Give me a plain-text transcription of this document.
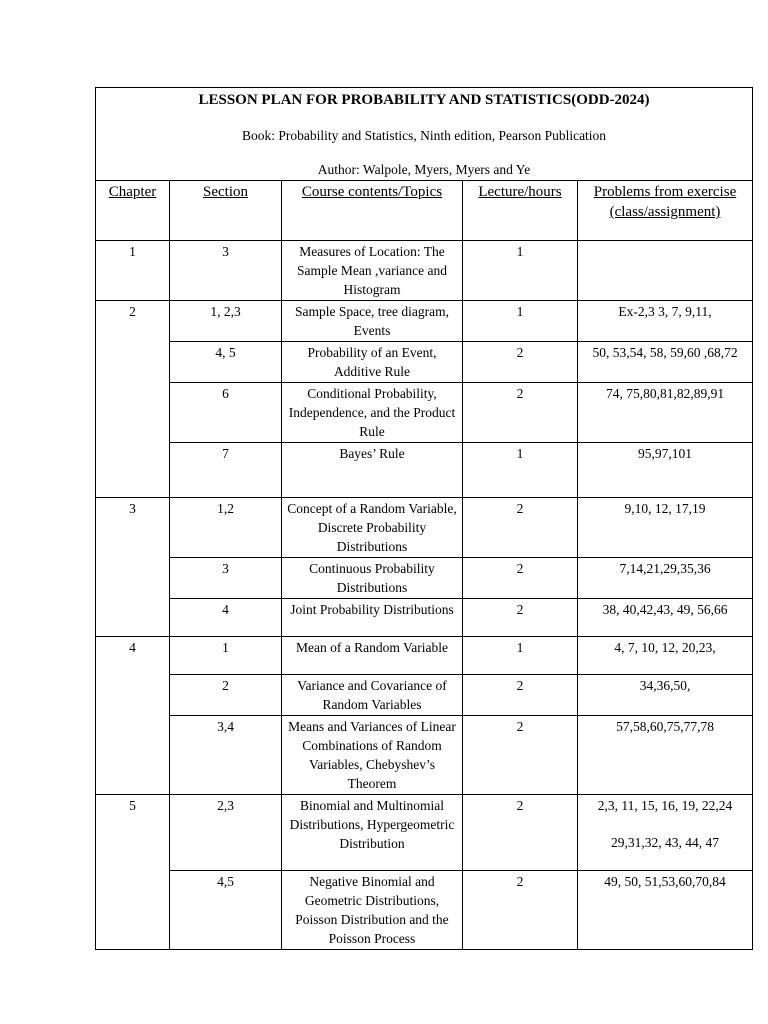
LESSON PLAN FOR PROBABILITY AND STATISTICS(ODD-2024)
Book: Probability and Statistics, Ninth edition, Pearson Publication
Author: Walpole, Myers, Myers and Ye				

Chapter	Section	Course contents/Topics	Lecture/hours	Problems from exercise (class/assignment)
1	3	Measures of Location: The Sample Mean ,variance and Histogram	1	
2	1, 2,3	Sample Space, tree diagram, Events	1	Ex-2,3 3, 7, 9,11,
	4, 5	Probability of an Event, Additive Rule	2	50, 53,54, 58, 59,60 ,68,72
	6	Conditional Probability, Independence, and the Product Rule	2	74, 75,80,81,82,89,91
	7	Bayes’ Rule	1	95,97,101
3	1,2	Concept of a Random Variable, Discrete Probability Distributions	2	9,10, 12, 17,19
	3	Continuous Probability Distributions	2	7,14,21,29,35,36
	4	Joint Probability Distributions	2	38, 40,42,43, 49, 56,66
4	1	Mean of a Random Variable	1	4, 7, 10, 12, 20,23,
	2	Variance and Covariance of Random Variables	2	34,36,50,
	3,4	Means and Variances of Linear Combinations of Random Variables, Chebyshev’s Theorem	2	57,58,60,75,77,78
5	2,3	Binomial and Multinomial Distributions, Hypergeometric Distribution	2	2,3, 11, 15, 16, 19, 22,24
29,31,32, 43, 44, 47

	4,5	Negative Binomial and Geometric Distributions, Poisson Distribution and the Poisson Process	2	49, 50, 51,53,60,70,84
